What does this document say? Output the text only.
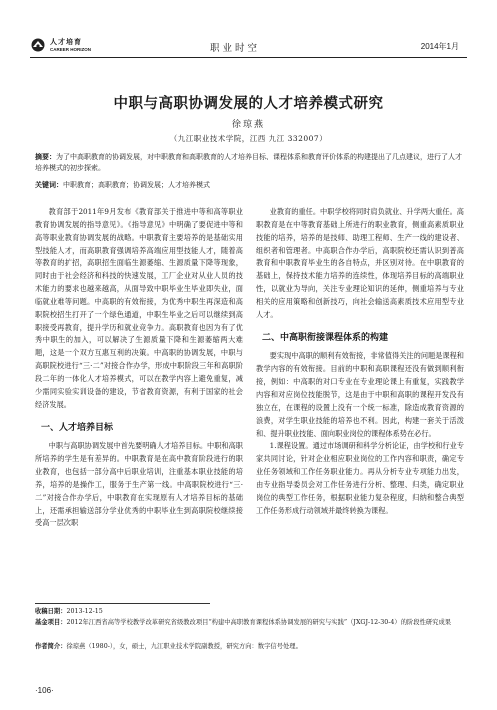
人才培育
CAREER HORIZON	职业时空	2014年1月
中职与高职协调发展的人才培养模式研究
徐琼燕
（九江职业技术学院，江西 九江 332007）
摘要：为了中高职教育的协调发展，对中职教育和高职教育的人才培养目标、课程体系和教育评价体系的构建提出了几点建议，进行了人才培养模式的初步探索。
关键词：中职教育；高职教育；协调发展；人才培养模式

教育部于2011年9月发布《教育部关于推进中等和高等职业教育协调发展的指导意见》。《指导意见》中明确了要促进中等和高等职业教育协调发展的战略。中职教育主要培养的是基础实用型技能人才，而高职教育强调培养高端应用型技能人才，随着高等教育的扩招，高职招生面临生源萎缩、生源质量下降等现象，同时由于社会经济和科技的快速发展，工厂企业对从业人员的技术能力的要求也越来越高，从面导致中职毕业生毕业即失业，面临就业难等问题。中高职的有效衔接，为优秀中职生再深造和高职院校招生打开了一个绿色通道，中职生毕业之后可以继续到高职接受再教育，提升学历和就业竞争力。高职教育也因为有了优秀中职生的加入，可以解决了生源质量下降和生源萎缩两大难题，这是一个双方互惠互利的决策。中高职的协调发展，中职与高职院校进行“三·二”对接合作办学，形成中职阶段三年和高职阶段二年的一体化人才培养模式，可以在教学内容上避免重复，减少需同实验实训设备的建设，节省教育资源，有利于国家的社会经济发展。

一、人才培养目标

中职与高职协调发展中首先要明确人才培养目标。中职和高职所培养的学生是有差异的。中职教育是在高中教育阶段进行的职业教育，也包括一部分高中后职业培训，注重基本职业技能的培养，培养的是操作工，服务于生产第一线。中高职院校进行“三·二”对接合作办学后，中职教育在实现原有人才培养目标的基础上，还需承担输送部分学业优秀的中职毕业生到高职院校继续接受高一层次职

业教育的重任。中职学校将同时肩负就业、升学两大重任。高职教育是在中等教育基础上所进行的职业教育，侧重高素质职业技能的培养，培养的是技师、助理工程师、生产一线的建设者、组织者和管理者。中高职合作办学后，高职院校还需认识到普高教育和中职教育毕业生的各自特点，并区别对待。在中职教育的基础上，保持技术能力培养的连续性，体现培养目标的高端职业性，以就业为导向，关注专业理论知识的延伸，侧重培养与专业相关的应用策略和创新技巧，向社会输送高素质技术应用型专业人才。

二、中高职衔接课程体系的构建

要实现中高职的顺利有效衔接，非常值得关注的问题是课程和教学内容的有效衔接。目前的中职和高职课程还没有做到顺利衔接，例如：中高职的对口专业在专业理论课上有重复，实践教学内容和对应岗位技能脱节，这是由于中职和高职的课程开发没有独立在，在课程的设置上没有一个统一标准，除造成教育资源的浪费，对学生职业技能的培养也不利。因此，构建一套关于活泼和、提升职业技能、面向职业岗位的课程体系势在必行。

1.课程设置。通过市场调研和科学分析论证，由学校和行业专家共同讨论，针对企业相应职业岗位的工作内容和职责，确定专业任务领域和工作任务职业能力。再从分析专业专项能力出发，由专业指导委员会对工作任务进行分析、整理、归类，确定职业岗位的典型工作任务，根据职业能力复杂程度，归纳和整合典型工作任务形成行动领域并最终转换为课程。

收稿日期：2013-12-15
基金项目：2012年江西省高等学校教学改革研究省级教改项目“构建中高职教育课程体系协调发展的研究与实践”（JXGJ-12-30-4）的阶段性研究成果
作者简介：徐琼燕（1980-），女，硕士，九江职业技术学院副教授，研究方向：数字信号处理。
·106·
